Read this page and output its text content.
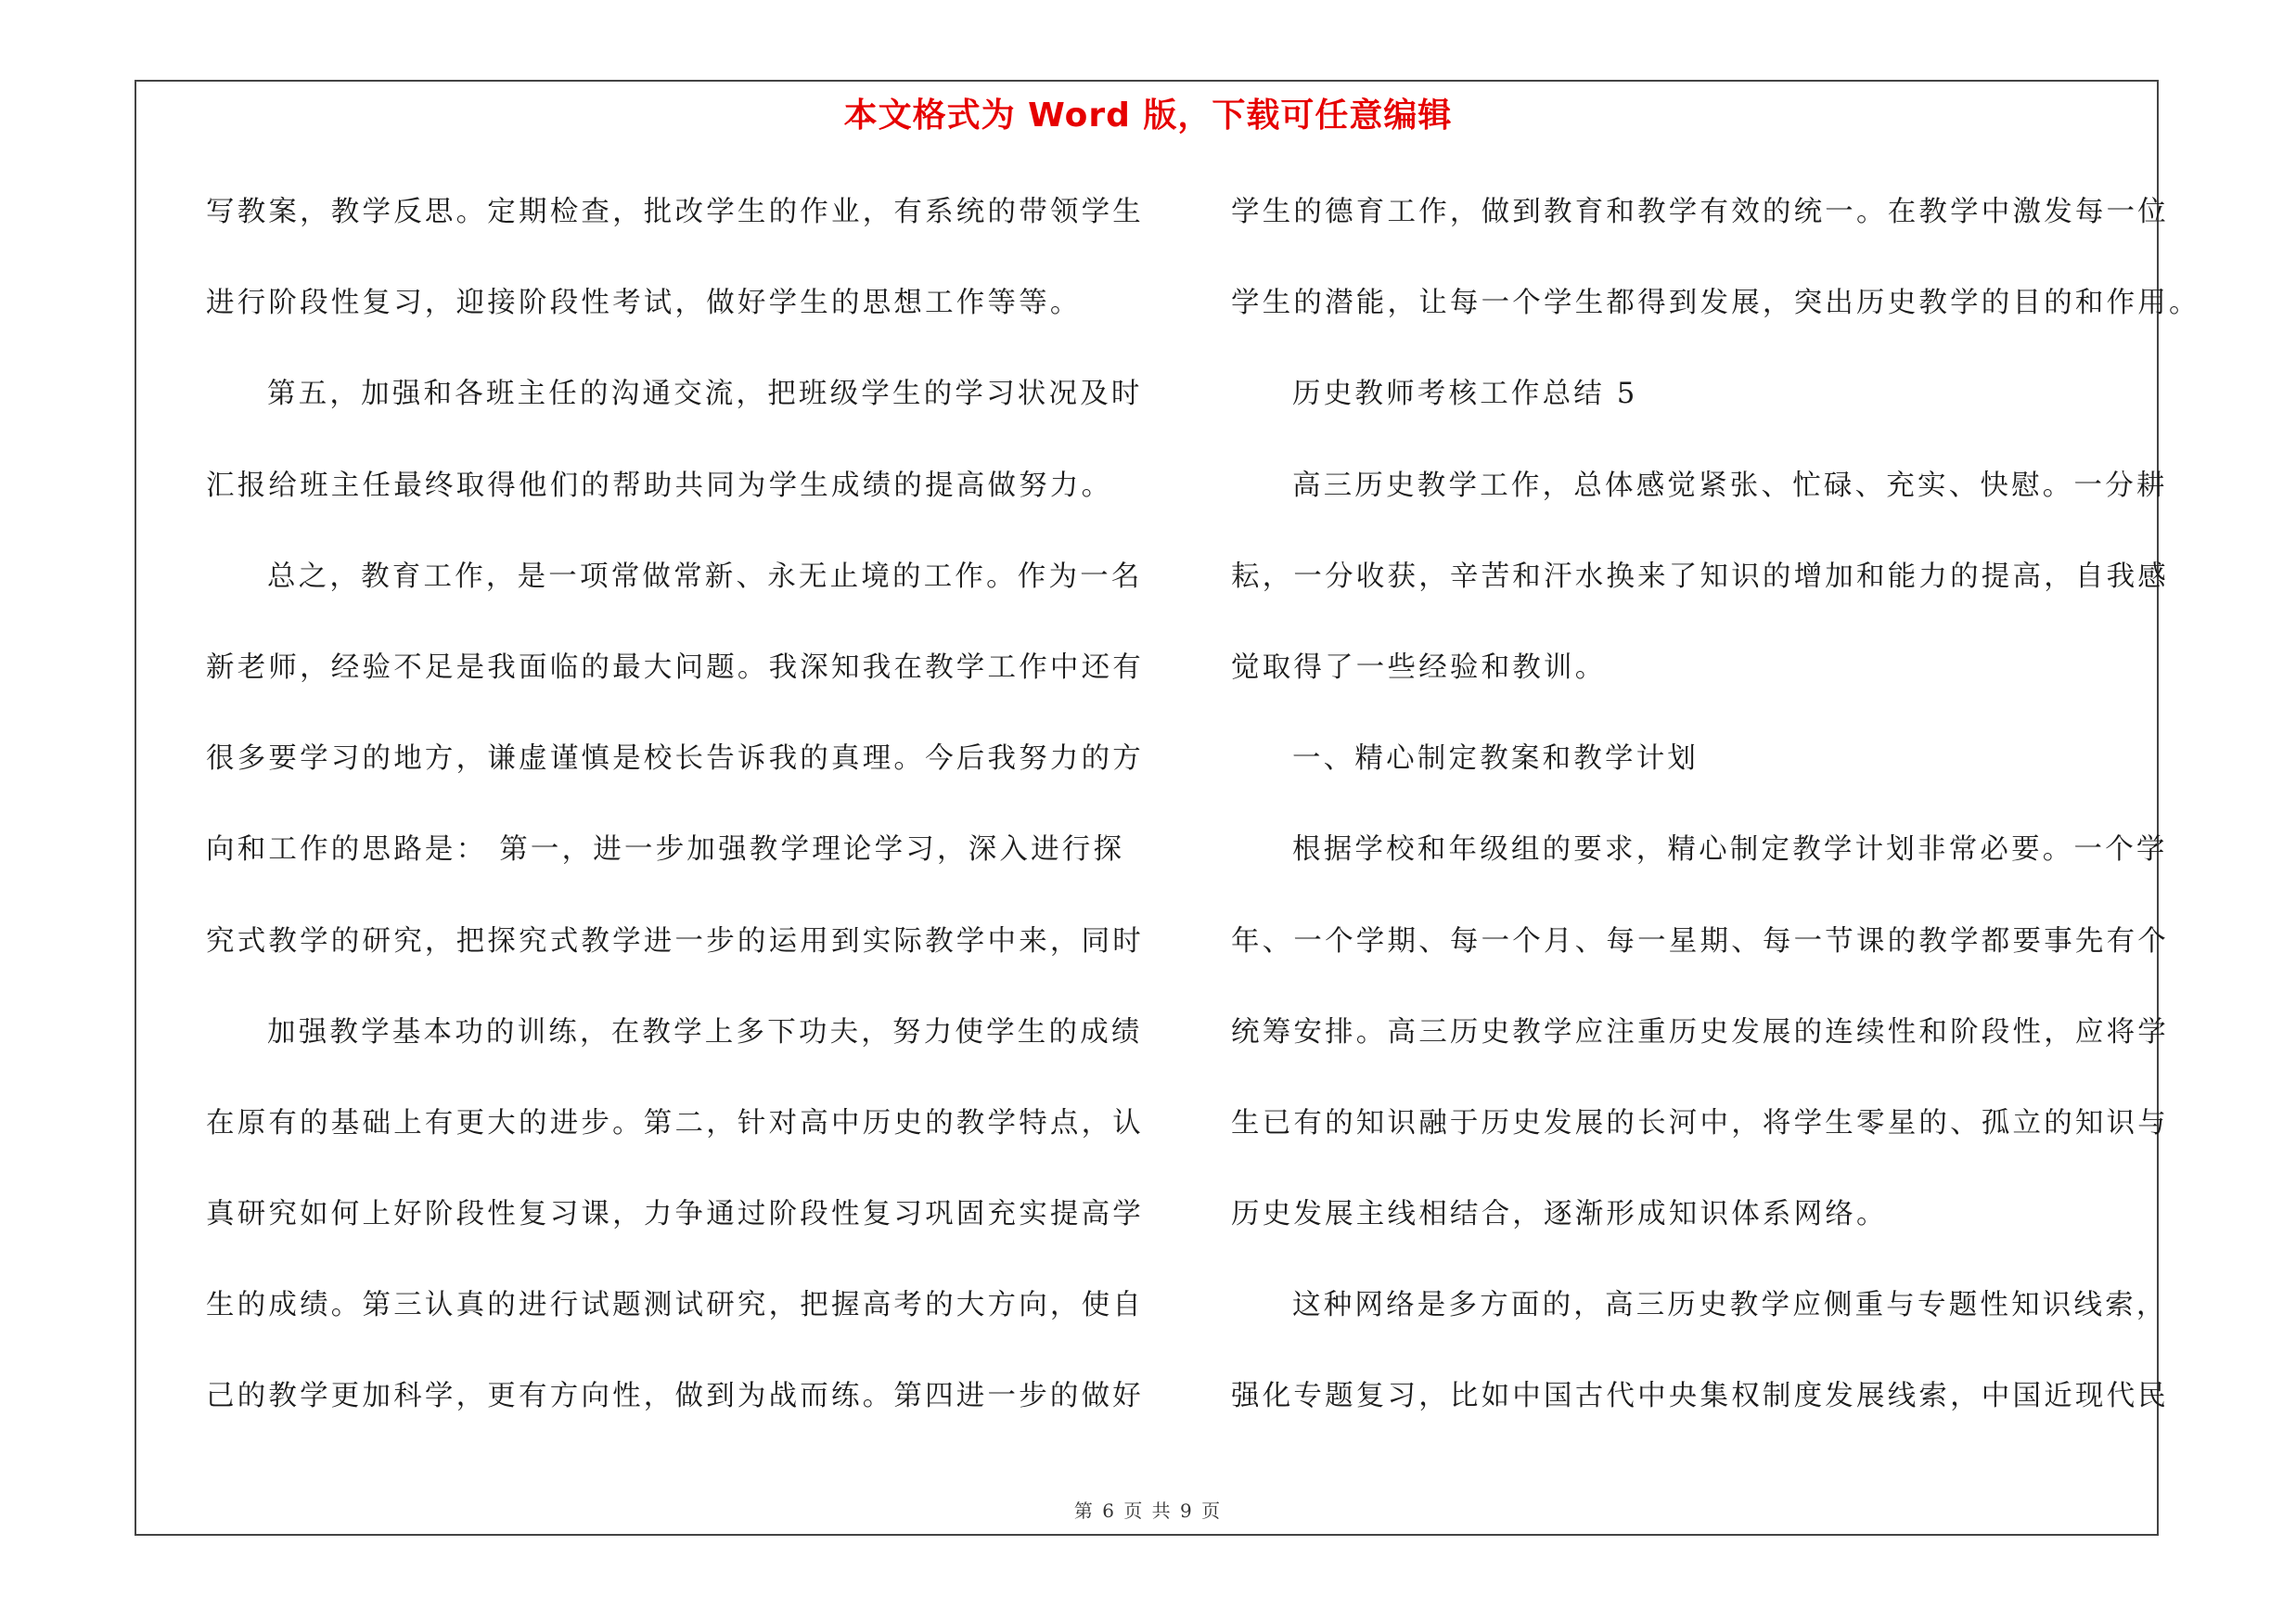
本文格式为 Word 版，下载可任意编辑
写教案，教学反思。定期检查，批改学生的作业，有系统的带领学生
进行阶段性复习，迎接阶段性考试，做好学生的思想工作等等。
第五，加强和各班主任的沟通交流，把班级学生的学习状况及时
汇报给班主任最终取得他们的帮助共同为学生成绩的提高做努力。
总之，教育工作，是一项常做常新、永无止境的工作。作为一名
新老师，经验不足是我面临的最大问题。我深知我在教学工作中还有
很多要学习的地方，谦虚谨慎是校长告诉我的真理。今后我努力的方
向和工作的思路是： 第一，进一步加强教学理论学习，深入进行探
究式教学的研究，把探究式教学进一步的运用到实际教学中来，同时
加强教学基本功的训练，在教学上多下功夫，努力使学生的成绩
在原有的基础上有更大的进步。第二，针对高中历史的教学特点，认
真研究如何上好阶段性复习课，力争通过阶段性复习巩固充实提高学
生的成绩。第三认真的进行试题测试研究，把握高考的大方向，使自
己的教学更加科学，更有方向性，做到为战而练。第四进一步的做好
学生的德育工作，做到教育和教学有效的统一。在教学中激发每一位
学生的潜能，让每一个学生都得到发展，突出历史教学的目的和作用。
历史教师考核工作总结 5
高三历史教学工作，总体感觉紧张、忙碌、充实、快慰。一分耕
耘，一分收获，辛苦和汗水换来了知识的增加和能力的提高，自我感
觉取得了一些经验和教训。
一、精心制定教案和教学计划
根据学校和年级组的要求，精心制定教学计划非常必要。一个学
年、一个学期、每一个月、每一星期、每一节课的教学都要事先有个
统筹安排。高三历史教学应注重历史发展的连续性和阶段性，应将学
生已有的知识融于历史发展的长河中，将学生零星的、孤立的知识与
历史发展主线相结合，逐渐形成知识体系网络。
这种网络是多方面的，高三历史教学应侧重与专题性知识线索，
强化专题复习，比如中国古代中央集权制度发展线索，中国近现代民
第 6 页 共 9 页
